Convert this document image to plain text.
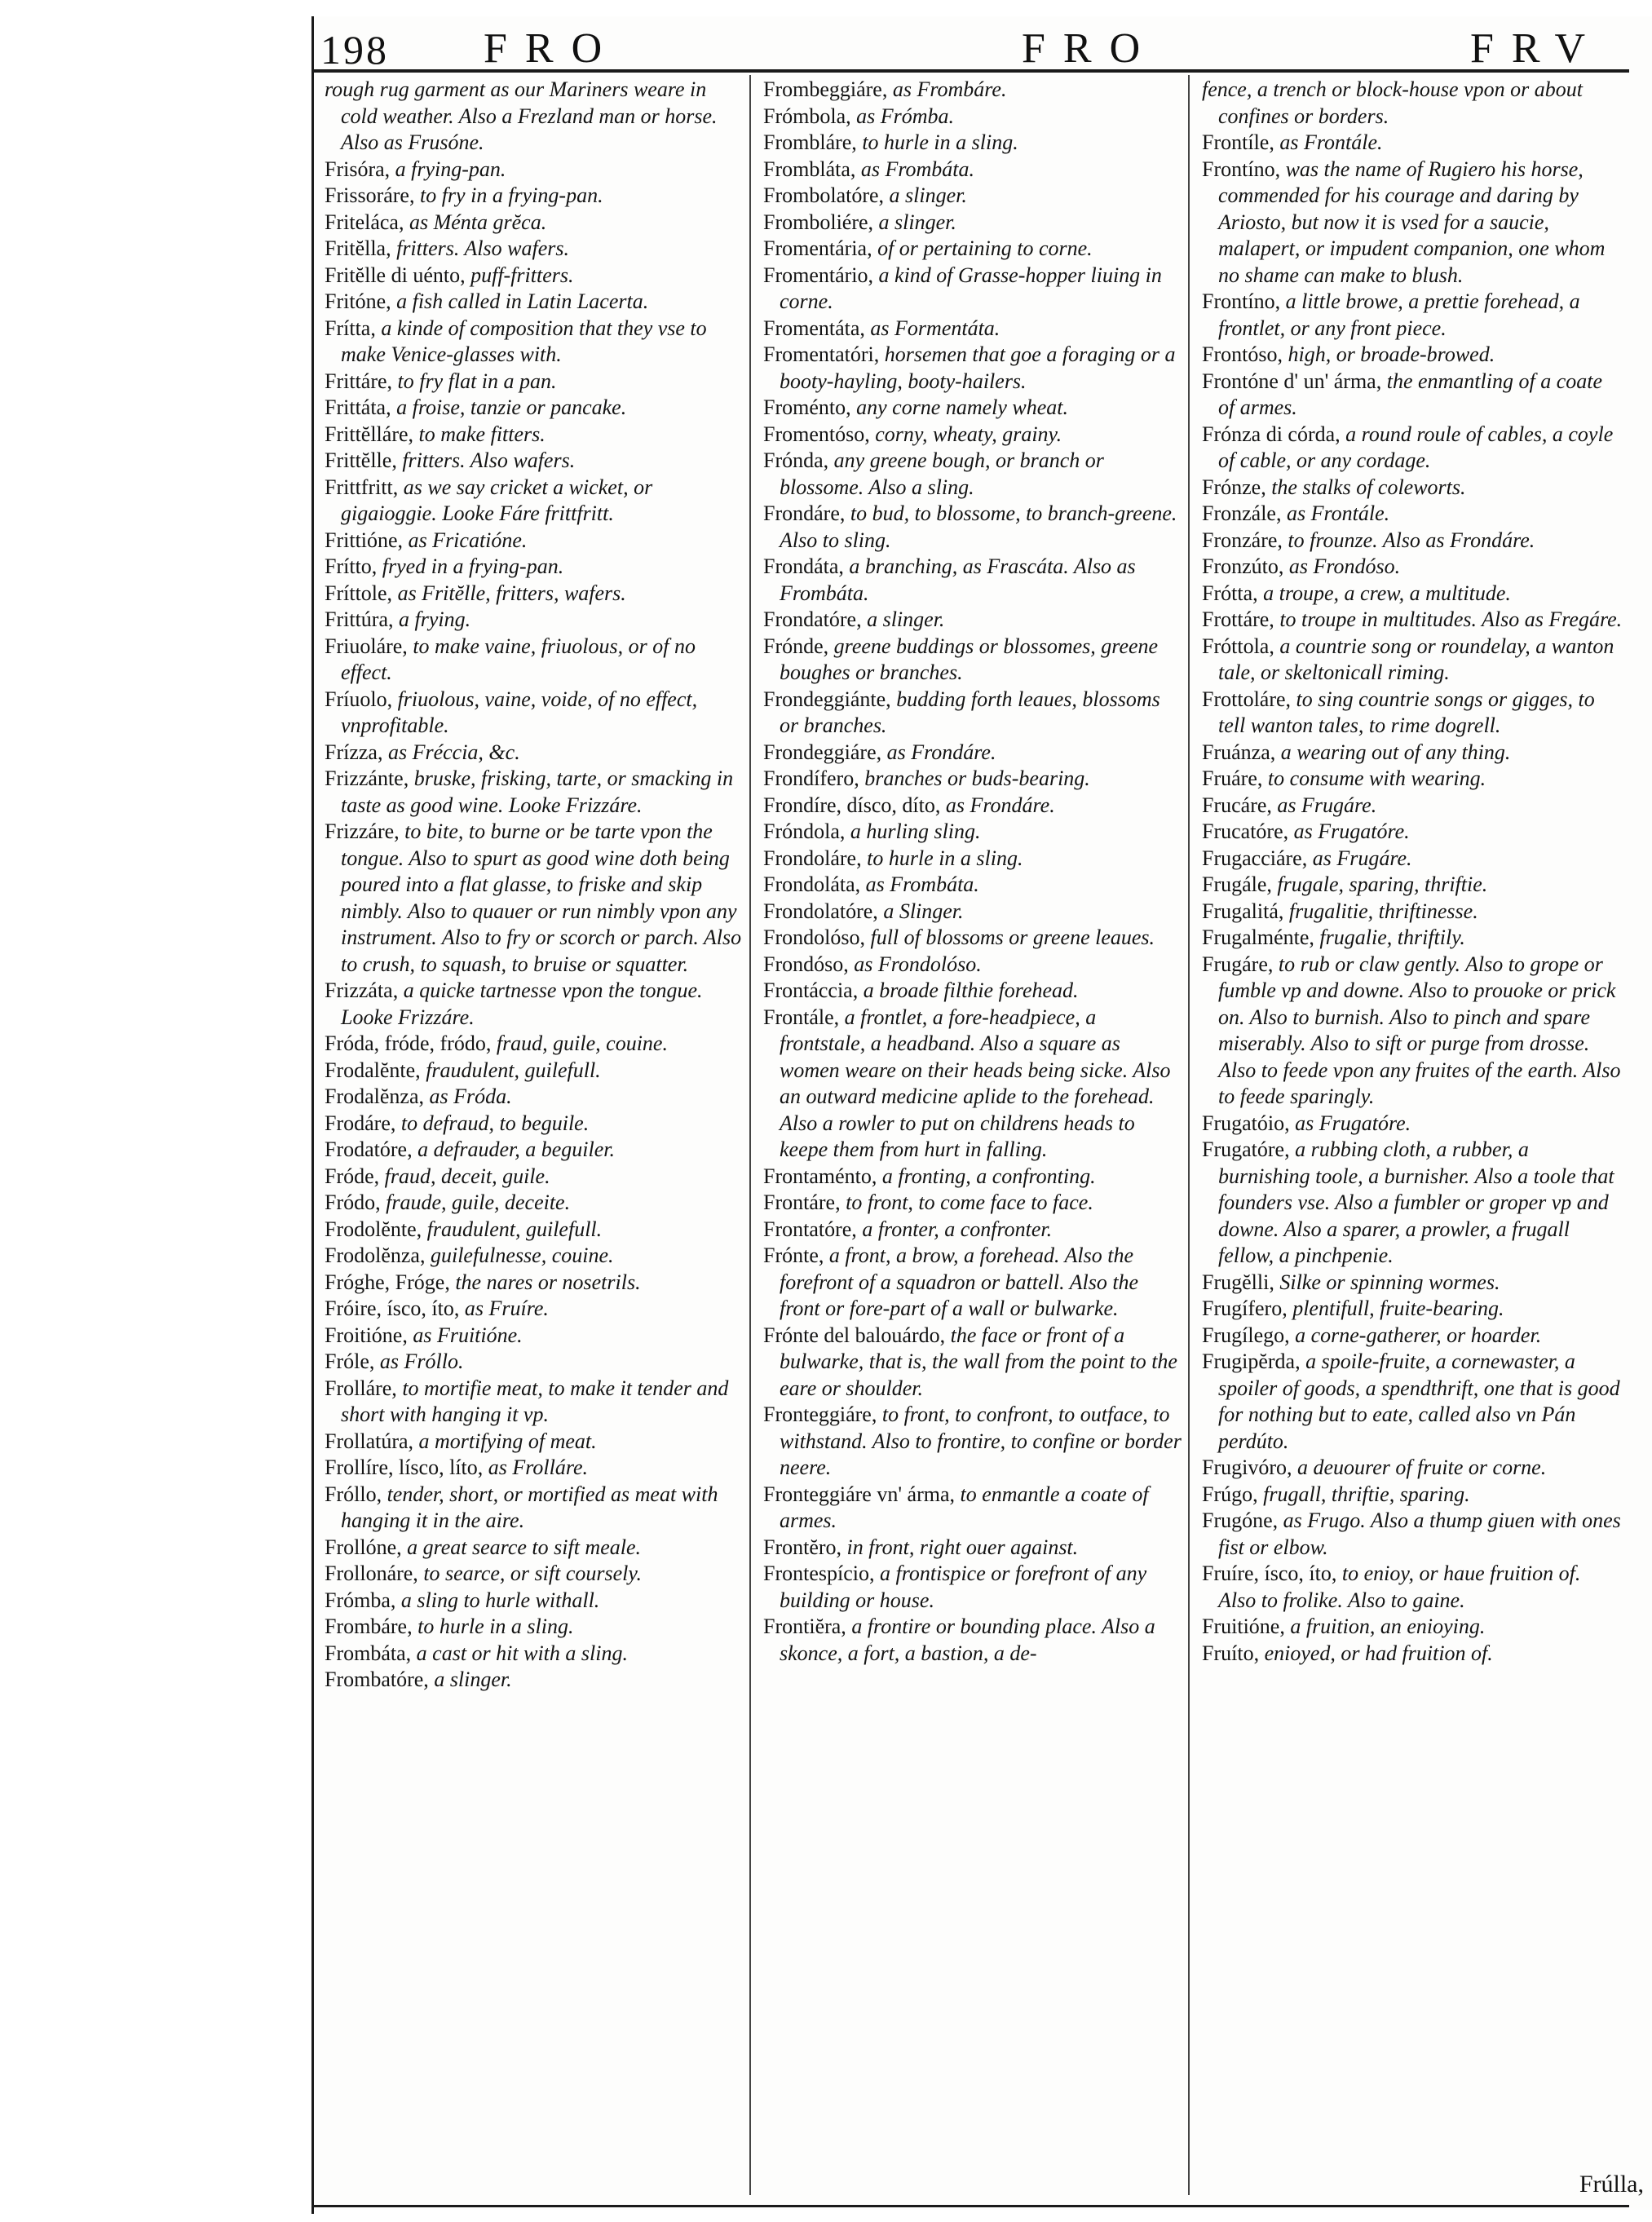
198 FRO	FRO	FRV
rough rug garment as our Mariners weare in cold weather. Also a Frezland man or horse. Also as Frusóne.
Frisóra, a frying-pan.
Frissoráre, to fry in a frying-pan.
Friteláca, as Ménta grĕca.
Fritĕlla, fritters. Also wafers.
Fritĕlle di uénto, puff-fritters.
Fritóne, a fish called in Latin Lacerta.
Frítta, a kinde of composition that they vse to make Venice-glasses with.
Frittáre, to fry flat in a pan.
Frittáta, a froise, tanzie or pancake.
Frittĕlláre, to make fitters.
Frittĕlle, fritters. Also wafers.
Frittfritt, as we say cricket a wicket, or gigaioggie. Looke Fáre frittfritt.
Frittióne, as Fricatióne.
Frítto, fryed in a frying-pan.
Fríttole, as Fritĕlle, fritters, wafers.
Frittúra, a frying.
Friuoláre, to make vaine, friuolous, or of no effect.
Fríuolo, friuolous, vaine, voide, of no effect, vnprofitable.
Frízza, as Fréccia, &c.
Frizzánte, bruske, frisking, tarte, or smacking in taste as good wine. Looke Frizzáre.
Frizzáre, to bite, to burne or be tarte vpon the tongue. Also to spurt as good wine doth being poured into a flat glasse, to friske and skip nimbly. Also to quauer or run nimbly vpon any instrument. Also to fry or scorch or parch. Also to crush, to squash, to bruise or squatter.
Frizzáta, a quicke tartnesse vpon the tongue. Looke Frizzáre.
Fróda, fróde, fródo, fraud, guile, couine.
Frodalĕnte, fraudulent, guilefull.
Frodalĕnza, as Fróda.
Frodáre, to defraud, to beguile.
Frodatóre, a defrauder, a beguiler.
Fróde, fraud, deceit, guile.
Fródo, fraude, guile, deceite.
Frodolĕnte, fraudulent, guilefull.
Frodolĕnza, guilefulnesse, couine.
Fróghe, Fróge, the nares or nosetrils.
Fróire, ísco, íto, as Fruíre.
Froitióne, as Fruitióne.
Fróle, as Fróllo.
Frolláre, to mortifie meat, to make it tender and short with hanging it vp.
Frollatúra, a mortifying of meat.
Frollíre, lísco, líto, as Frolláre.
Fróllo, tender, short, or mortified as meat with hanging it in the aire.
Frollóne, a great searce to sift meale.
Frollonáre, to searce, or sift coursely.
Frómba, a sling to hurle withall.
Frombáre, to hurle in a sling.
Frombáta, a cast or hit with a sling.
Frombatóre, a slinger.
Frombeggiáre, as Frombáre.
Frómbola, as Frómba.
Frombláre, to hurle in a sling.
Frombláta, as Frombáta.
Frombolatóre, a slinger.
Fromboliére, a slinger.
Fromentária, of or pertaining to corne.
Fromentário, a kind of Grasse-hopper liuing in corne.
Fromentáta, as Formentáta.
Fromentatóri, horsemen that goe a foraging or a booty-hayling, booty-hailers.
Froménto, any corne namely wheat.
Fromentóso, corny, wheaty, grainy.
Frónda, any greene bough, or branch or blossome. Also a sling.
Frondáre, to bud, to blossome, to branch-greene. Also to sling.
Frondáta, a branching, as Frascáta. Also as Frombáta.
Frondatóre, a slinger.
Frónde, greene buddings or blossomes, greene boughes or branches.
Frondeggiánte, budding forth leaues, blossoms or branches.
Frondeggiáre, as Frondáre.
Frondífero, branches or buds-bearing.
Frondíre, dísco, díto, as Frondáre.
Fróndola, a hurling sling.
Frondoláre, to hurle in a sling.
Frondoláta, as Frombáta.
Frondolatóre, a Slinger.
Frondolóso, full of blossoms or greene leaues.
Frondóso, as Frondolóso.
Frontáccia, a broade filthie forehead.
Frontále, a frontlet, a fore-headpiece, a frontstale, a headband. Also a square as women weare on their heads being sicke. Also an outward medicine aplide to the forehead. Also a rowler to put on childrens heads to keepe them from hurt in falling.
Frontaménto, a fronting, a confronting.
Frontáre, to front, to come face to face.
Frontatóre, a fronter, a confronter.
Frónte, a front, a brow, a forehead. Also the forefront of a squadron or battell. Also the front or fore-part of a wall or bulwarke.
Frónte del balouárdo, the face or front of a bulwarke, that is, the wall from the point to the eare or shoulder.
Fronteggiáre, to front, to confront, to outface, to withstand. Also to frontire, to confine or border neere.
Fronteggiáre vn' árma, to enmantle a coate of armes.
Frontĕro, in front, right ouer against.
Frontespício, a frontispice or forefront of any building or house.
Frontiĕra, a frontire or bounding place. Also a skonce, a fort, a bastion, a de-
fence, a trench or block-house vpon or about confines or borders.
Frontíle, as Frontále.
Frontíno, was the name of Rugiero his horse, commended for his courage and daring by Ariosto, but now it is vsed for a saucie, malapert, or impudent companion, one whom no shame can make to blush.
Frontíno, a little browe, a prettie forehead, a frontlet, or any front piece.
Frontóso, high, or broade-browed.
Frontóne d' un' árma, the enmantling of a coate of armes.
Frónza di córda, a round roule of cables, a coyle of cable, or any cordage.
Frónze, the stalks of coleworts.
Fronzále, as Frontále.
Fronzáre, to frounze. Also as Frondáre.
Fronzúto, as Frondóso.
Frótta, a troupe, a crew, a multitude.
Frottáre, to troupe in multitudes. Also as Fregáre.
Fróttola, a countrie song or roundelay, a wanton tale, or skeltonicall riming.
Frottoláre, to sing countrie songs or gigges, to tell wanton tales, to rime dogrell.
Fruánza, a wearing out of any thing.
Fruáre, to consume with wearing.
Frucáre, as Frugáre.
Frucatóre, as Frugatóre.
Frugacciáre, as Frugáre.
Frugále, frugale, sparing, thriftie.
Frugalitá, frugalitie, thriftinesse.
Frugalménte, frugalie, thriftily.
Frugáre, to rub or claw gently. Also to grope or fumble vp and downe. Also to prouoke or prick on. Also to burnish. Also to pinch and spare miserably. Also to sift or purge from drosse. Also to feede vpon any fruites of the earth. Also to feede sparingly.
Frugatóio, as Frugatóre.
Frugatóre, a rubbing cloth, a rubber, a burnishing toole, a burnisher. Also a toole that founders vse. Also a fumbler or groper vp and downe. Also a sparer, a prowler, a frugall fellow, a pinchpenie.
Frugĕlli, Silke or spinning wormes.
Frugífero, plentifull, fruite-bearing.
Frugílego, a corne-gatherer, or hoarder.
Frugipĕrda, a spoile-fruite, a cornewaster, a spoiler of goods, a spendthrift, one that is good for nothing but to eate, called also vn Pán perdúto.
Frugivóro, a deuourer of fruite or corne.
Frúgo, frugall, thriftie, sparing.
Frugóne, as Frugo. Also a thump giuen with ones fist or elbow.
Fruíre, ísco, íto, to enioy, or haue fruition of. Also to frolike. Also to gaine.
Fruitióne, a fruition, an enioying.
Fruíto, enioyed, or had fruition of.
Frúlla,
